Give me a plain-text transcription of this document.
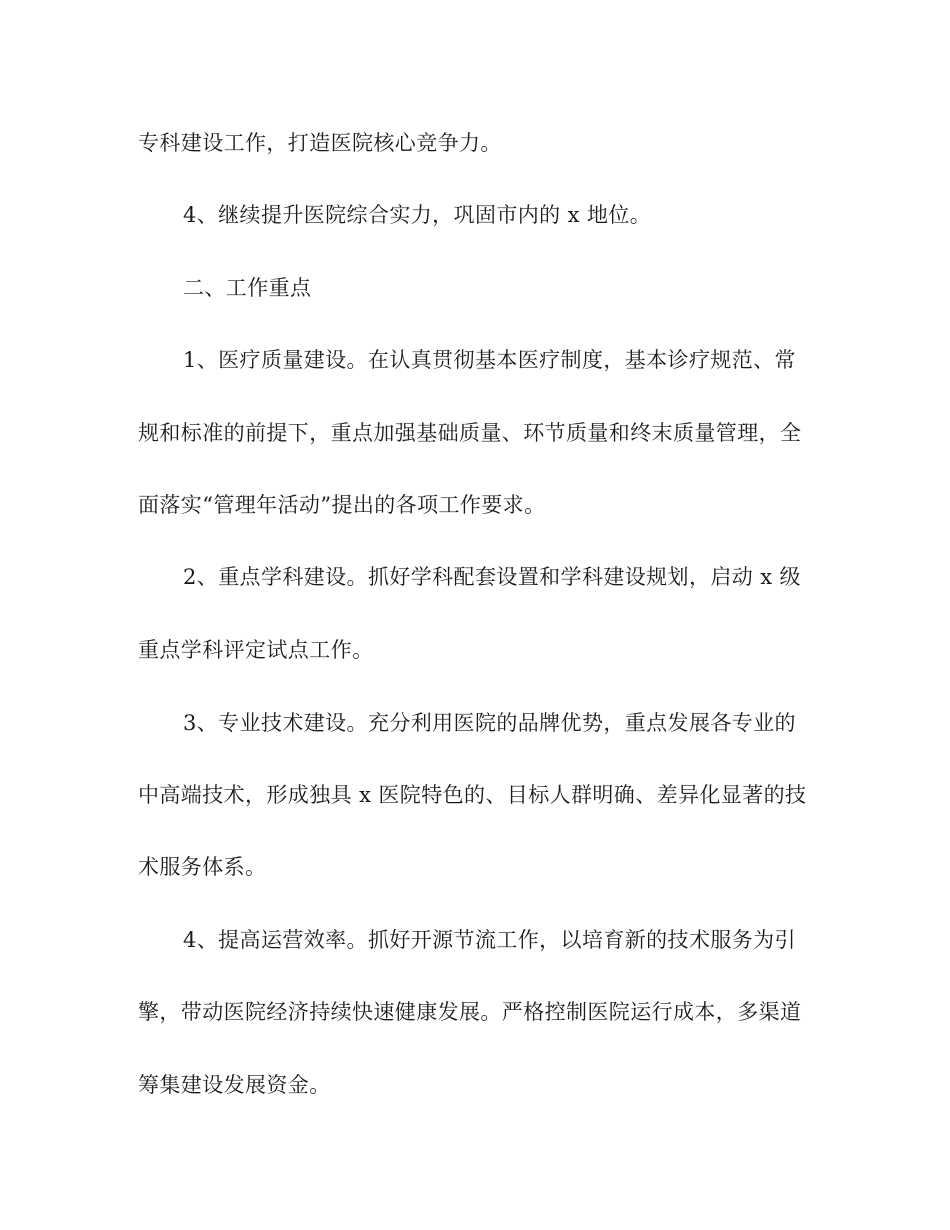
专科建设工作，打造医院核心竞争力。
4、继续提升医院综合实力，巩固市内的 x 地位。
二、工作重点
1、医疗质量建设。在认真贯彻基本医疗制度，基本诊疗规范、常
规和标准的前提下，重点加强基础质量、环节质量和终末质量管理，全
面落实“管理年活动”提出的各项工作要求。
2、重点学科建设。抓好学科配套设置和学科建设规划，启动 x 级
重点学科评定试点工作。
3、专业技术建设。充分利用医院的品牌优势，重点发展各专业的
中高端技术，形成独具 x 医院特色的、目标人群明确、差异化显著的技
术服务体系。
4、提高运营效率。抓好开源节流工作，以培育新的技术服务为引
擎，带动医院经济持续快速健康发展。严格控制医院运行成本，多渠道
筹集建设发展资金。
